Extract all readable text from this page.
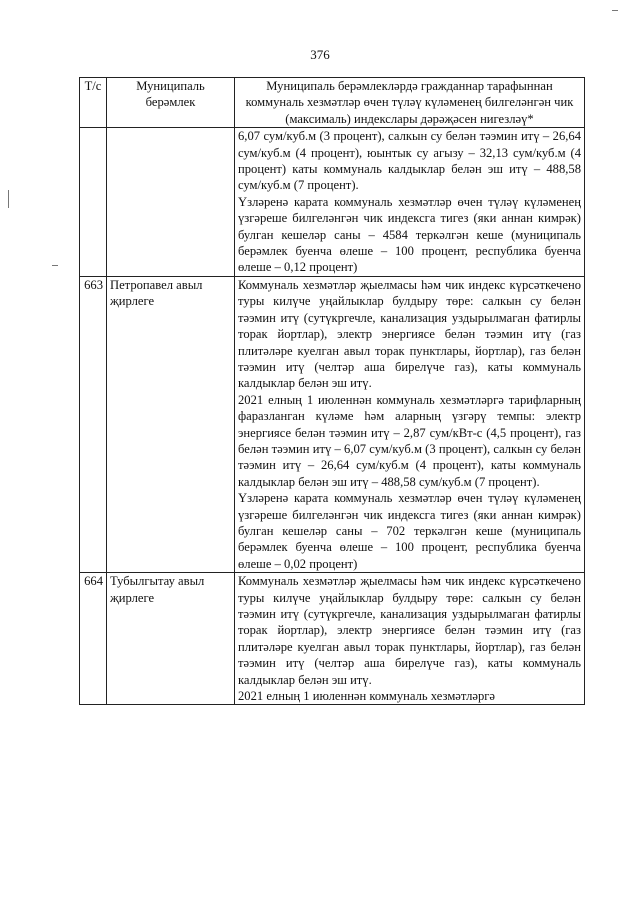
376
Т/с	Муниципаль берәмлек	Муниципаль берәмлекләрдә гражданнар тарафыннан коммуналь хезмәтләр өчен түләү күләменең билгеләнгән чик (максималь) индекслары дәрәҗәсен нигезләү*

		6,07 сум/куб.м (3 процент), салкын су белән тәэмин итү – 26,64 сум/куб.м (4 процент), юынтык су агызу – 32,13 сум/куб.м (4 процент) каты коммуналь калдыклар белән эш итү – 488,58 сум/куб.м (7 процент).
Үзләренә карата коммуналь хезмәтләр өчен түләү күләменең үзгәреше билгеләнгән чик индексга тигез (яки аннан кимрәк) булган кешеләр саны – 4584 теркәлгән кеше (муниципаль берәмлек буенча өлеше – 100 процент, республика буенча өлеше – 0,12 процент)

663	Петропавел авыл җирлеге	Коммуналь хезмәтләр җыелмасы һәм чик индекс күрсәткечено туры килүче уңайлыклар булдыру төре: салкын су белән тәэмин итү (сутүкргечле, канализация уздырылмаган фатирлы торак йортлар), электр энергиясе белән тәэмин итү (газ плитәләре куелган авыл торак пунктлары, йортлар), газ белән тәэмин итү (челтәр аша бирелүче газ), каты коммуналь калдыклар белән эш итү.
2021 елның 1 июленнән коммуналь хезмәтләргә тарифларның фаразланган күләме һәм аларның үзгәрү темпы: электр энергиясе белән тәэмин итү – 2,87 сум/кВт-с (4,5 процент), газ белән тәэмин итү – 6,07 сум/куб.м (3 процент), салкын су белән тәэмин итү – 26,64 сум/куб.м (4 процент), каты коммуналь калдыклар белән эш итү – 488,58 сум/куб.м (7 процент).
Үзләренә карата коммуналь хезмәтләр өчен түләү күләменең үзгәреше билгеләнгән чик индексга тигез (яки аннан кимрәк) булган кешеләр саны – 702 теркәлгән кеше (муниципаль берәмлек буенча өлеше – 100 процент, республика буенча өлеше – 0,02 процент)

664	Тубылгытау авыл җирлеге	Коммуналь хезмәтләр җыелмасы һәм чик индекс күрсәткечено туры килүче уңайлыклар булдыру төре: салкын су белән тәэмин итү (сутүкргечле, канализация уздырылмаган фатирлы торак йортлар), электр энергиясе белән тәэмин итү (газ плитәләре куелган авыл торак пунктлары, йортлар), газ белән тәэмин итү (челтәр аша бирелүче газ), каты коммуналь калдыклар белән эш итү.
2021 елның 1 июленнән коммуналь хезмәтләргә
